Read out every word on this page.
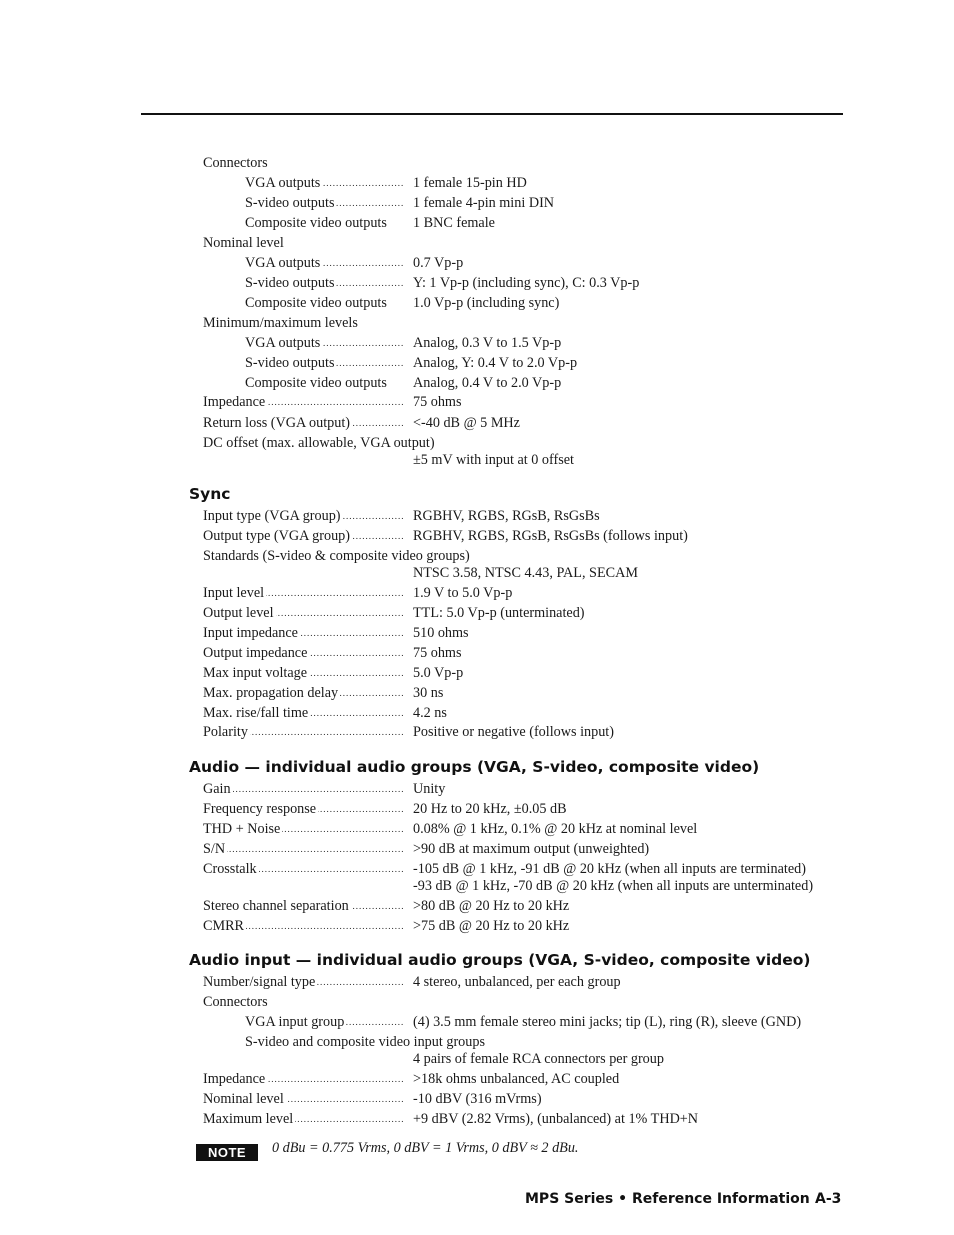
Connectors
.....
VGA outputs	1 female 15-pin HD
.....
S-video outputs	1 female 4-pin mini DIN
Composite video outputs 1 BNC female
Nominal level
.....
VGA outputs	0.7 Vp-p
.....
S-video outputs	Y: 1 Vp-p (including sync), C: 0.3 Vp-p
Composite video outputs 1.0 Vp-p (including sync)
Minimum/maximum levels
.....
VGA outputs	Analog, 0.3 V to 1.5 Vp-p
.....
S-video outputs	Analog, Y: 0.4 V to 2.0 Vp-p
Composite video outputs Analog, 0.4 V to 2.0 Vp-p
.....
Impedance	75 ohms
.....
Return loss (VGA output)	<-40 dB @ 5 MHz
DC offset (max. allowable, VGA output)
±5 mV with input at 0 offset
Sync
.....
Input type (VGA group)	RGBHV, RGBS, RGsB, RsGsBs
.....
Output type (VGA group)	RGBHV, RGBS, RGsB, RsGsBs (follows input)
Standards (S-video & composite video groups)
NTSC 3.58, NTSC 4.43, PAL, SECAM
.....
Input level	1.9 V to 5.0 Vp-p
.....
Output level	TTL: 5.0 Vp-p (unterminated)
.....
Input impedance	510 ohms
.....
Output impedance	75 ohms
.....
Max input voltage	5.0 Vp-p
.....
Max. propagation delay	30 ns
.....
Max. rise/fall time	4.2 ns
.....
Polarity	Positive or negative (follows input)
Audio — individual audio groups (VGA, S-video, composite video)
.....
Gain	Unity
.....
Frequency response	20 Hz to 20 kHz, ±0.05 dB
.....
THD + Noise	0.08% @ 1 kHz, 0.1% @ 20 kHz at nominal level
.....
S/N	>90 dB at maximum output (unweighted)
.....
Crosstalk	-105 dB @ 1 kHz, -91 dB @ 20 kHz (when all inputs are terminated)
-93 dB @ 1 kHz, -70 dB @ 20 kHz (when all inputs are unterminated)
.....
Stereo channel separation	>80 dB @ 20 Hz to 20 kHz
.....
CMRR	>75 dB @ 20 Hz to 20 kHz
Audio input — individual audio groups (VGA, S-video, composite video)
.....
Number/signal type	4 stereo, unbalanced, per each group
Connectors
.....
VGA input group	(4) 3.5 mm female stereo mini jacks; tip (L), ring (R), sleeve (GND)
S-video and composite video input groups
4 pairs of female RCA connectors per group
.....
Impedance	>18k ohms unbalanced, AC coupled
.....
Nominal level	-10 dBV (316 mVrms)
.....
Maximum level	+9 dBV (2.82 Vrms), (unbalanced) at 1% THD+N
NOTE	0 dBu = 0.775 Vrms, 0 dBV = 1 Vrms, 0 dBV ≈ 2 dBu.
MPS Series • Reference Information A-3
